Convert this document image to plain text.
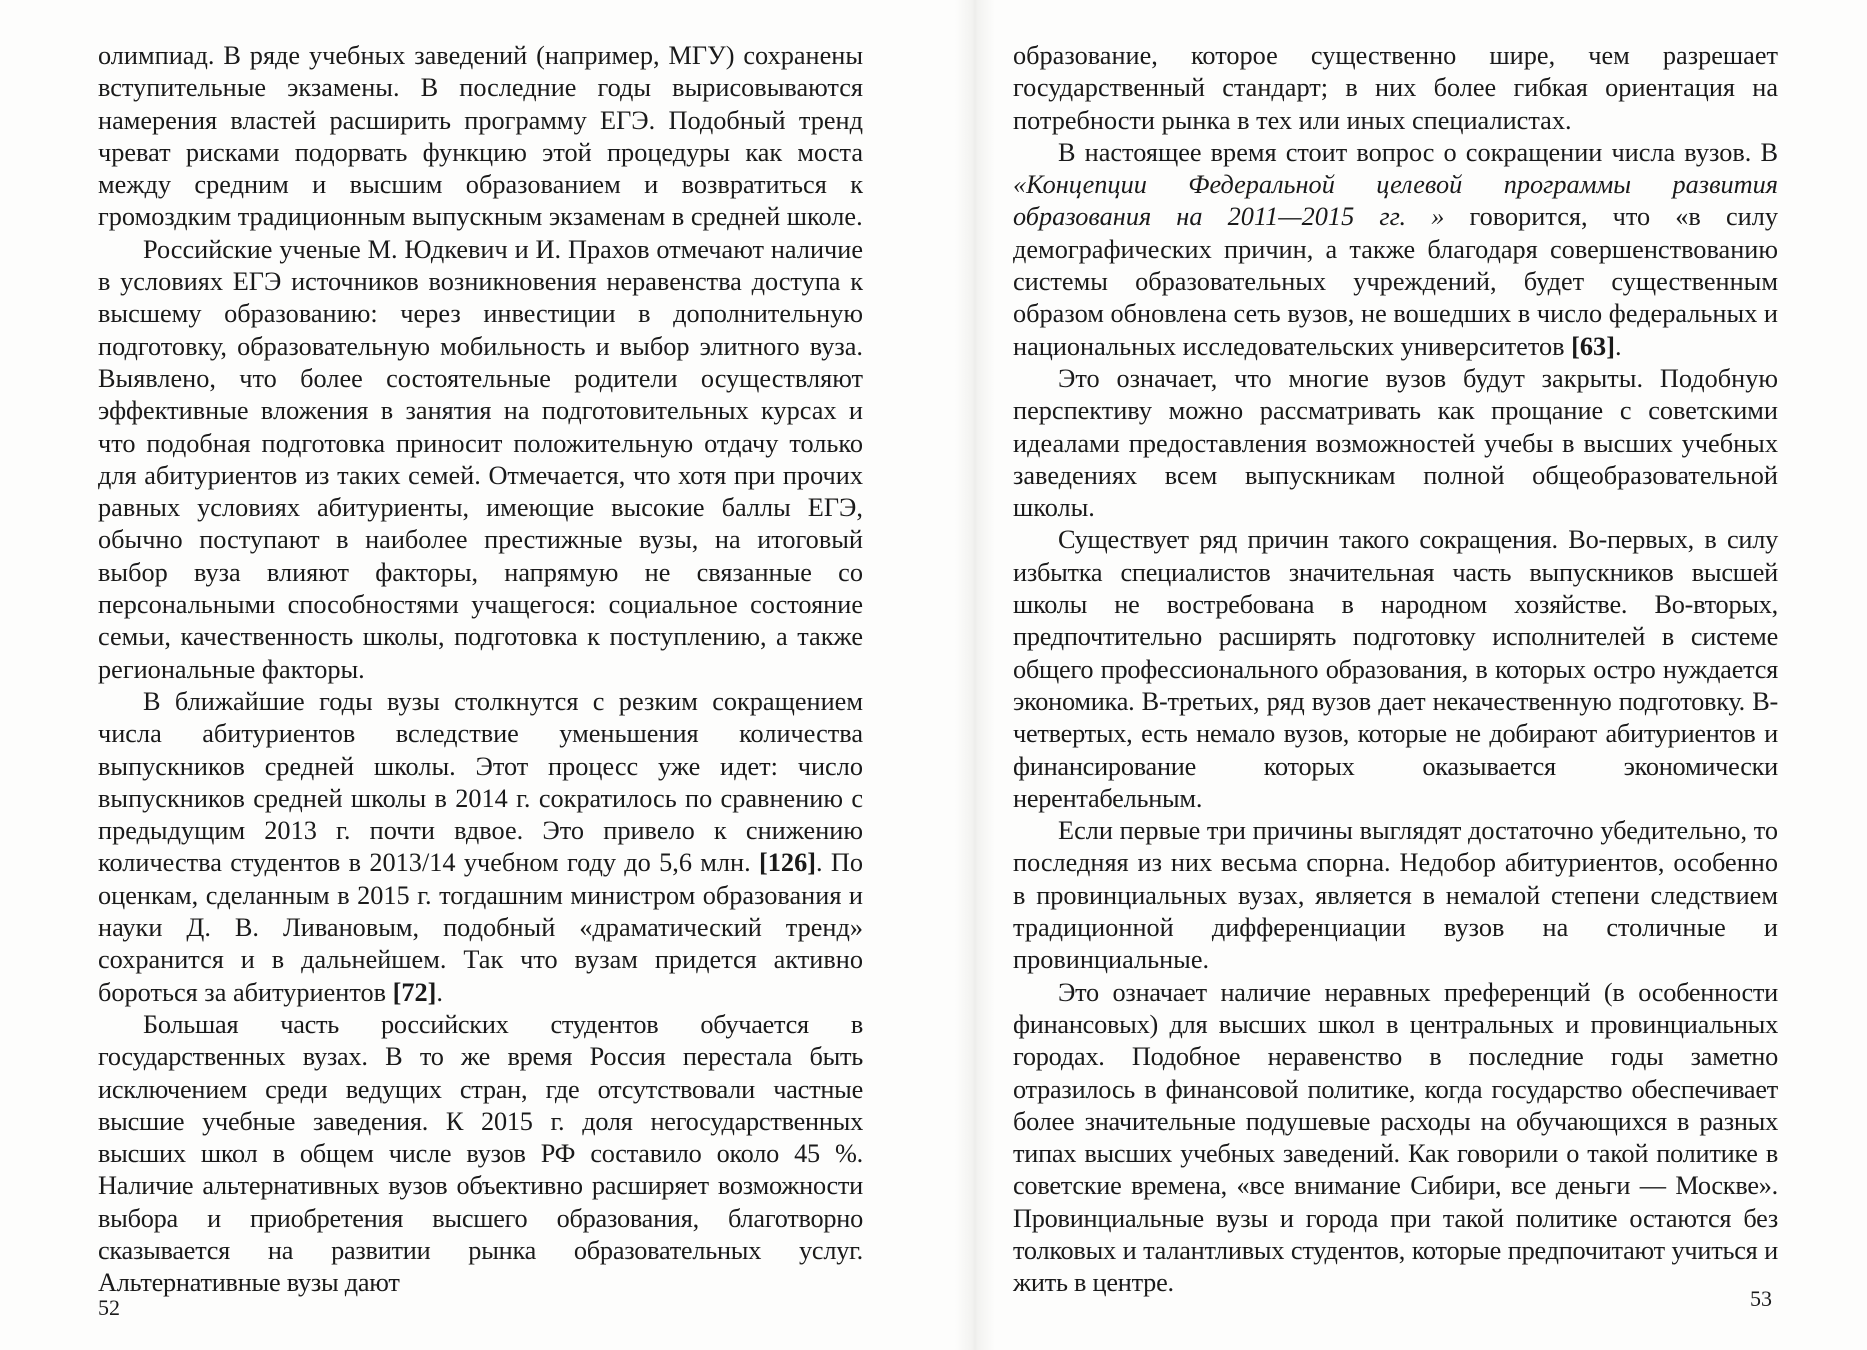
олимпиад. В ряде учебных заведений (например, МГУ) сохранены вступительные экзамены. В последние годы вырисовываются намерения властей расширить программу ЕГЭ. Подобный тренд чреват рисками подорвать функцию этой процедуры как моста между средним и высшим образованием и возвратиться к громоздким традиционным выпускным экзаменам в средней школе.

Российские ученые М. Юдкевич и И. Прахов отмечают наличие в условиях ЕГЭ источников возникновения неравенства доступа к высшему образованию: через инвестиции в дополнительную подготовку, образовательную мобильность и выбор элитного вуза. Выявлено, что более состоятельные родители осуществляют эффективные вложения в занятия на подготовительных курсах и что подобная подготовка приносит положительную отдачу только для абитуриентов из таких семей. Отмечается, что хотя при прочих равных условиях абитуриенты, имеющие высокие баллы ЕГЭ, обычно поступают в наиболее престижные вузы, на итоговый выбор вуза влияют факторы, напрямую не связанные со персональными способностями учащегося: социальное состояние семьи, качественность школы, подготовка к поступлению, а также региональные факторы.

В ближайшие годы вузы столкнутся с резким сокращением числа абитуриентов вследствие уменьшения количества выпускников средней школы. Этот процесс уже идет: число выпускников средней школы в 2014 г. сократилось по сравнению с предыдущим 2013 г. почти вдвое. Это привело к снижению количества студентов в 2013/14 учебном году до 5,6 млн. [126]. По оценкам, сделанным в 2015 г. тогдашним министром образования и науки Д. В. Ливановым, подобный «драматический тренд» сохранится и в дальнейшем. Так что вузам придется активно бороться за абитуриентов [72].

Большая часть российских студентов обучается в государственных вузах. В то же время Россия перестала быть исключением среди ведущих стран, где отсутствовали частные высшие учебные заведения. К 2015 г. доля негосударственных высших школ в общем числе вузов РФ составило около 45 %. Наличие альтернативных вузов объективно расширяет возможности выбора и приобретения высшего образования, благотворно сказывается на развитии рынка образовательных услуг. Альтернативные вузы дают

52

образование, которое существенно шире, чем разрешает государственный стандарт; в них более гибкая ориентация на потребности рынка в тех или иных специалистах.

В настоящее время стоит вопрос о сокращении числа вузов. В «Концепции Федеральной целевой программы развития образования на 2011—2015 гг. » говорится, что «в силу демографических причин, а также благодаря совершенствованию системы образовательных учреждений, будет существенным образом обновлена сеть вузов, не вошедших в число федеральных и национальных исследовательских университетов [63].

Это означает, что многие вузов будут закрыты. Подобную перспективу можно рассматривать как прощание с советскими идеалами предоставления возможностей учебы в высших учебных заведениях всем выпускникам полной общеобразовательной школы.

Существует ряд причин такого сокращения. Во-первых, в силу избытка специалистов значительная часть выпускников высшей школы не востребована в народном хозяйстве. Во-вторых, предпочтительно расширять подготовку исполнителей в системе общего профессионального образования, в которых остро нуждается экономика. В-третьих, ряд вузов дает некачественную подготовку. В-четвертых, есть немало вузов, которые не добирают абитуриентов и финансирование которых оказывается экономически нерентабельным.

Если первые три причины выглядят достаточно убедительно, то последняя из них весьма спорна. Недобор абитуриентов, особенно в провинциальных вузах, является в немалой степени следствием традиционной дифференциации вузов на столичные и провинциальные.

Это означает наличие неравных преференций (в особенности финансовых) для высших школ в центральных и провинциальных городах. Подобное неравенство в последние годы заметно отразилось в финансовой политике, когда государство обеспечивает более значительные подушевые расходы на обучающихся в разных типах высших учебных заведений. Как говорили о такой политике в советские времена, «все внимание Сибири, все деньги — Москве». Провинциальные вузы и города при такой политике остаются без толковых и талантливых студентов, которые предпочитают учиться и жить в центре.

53
